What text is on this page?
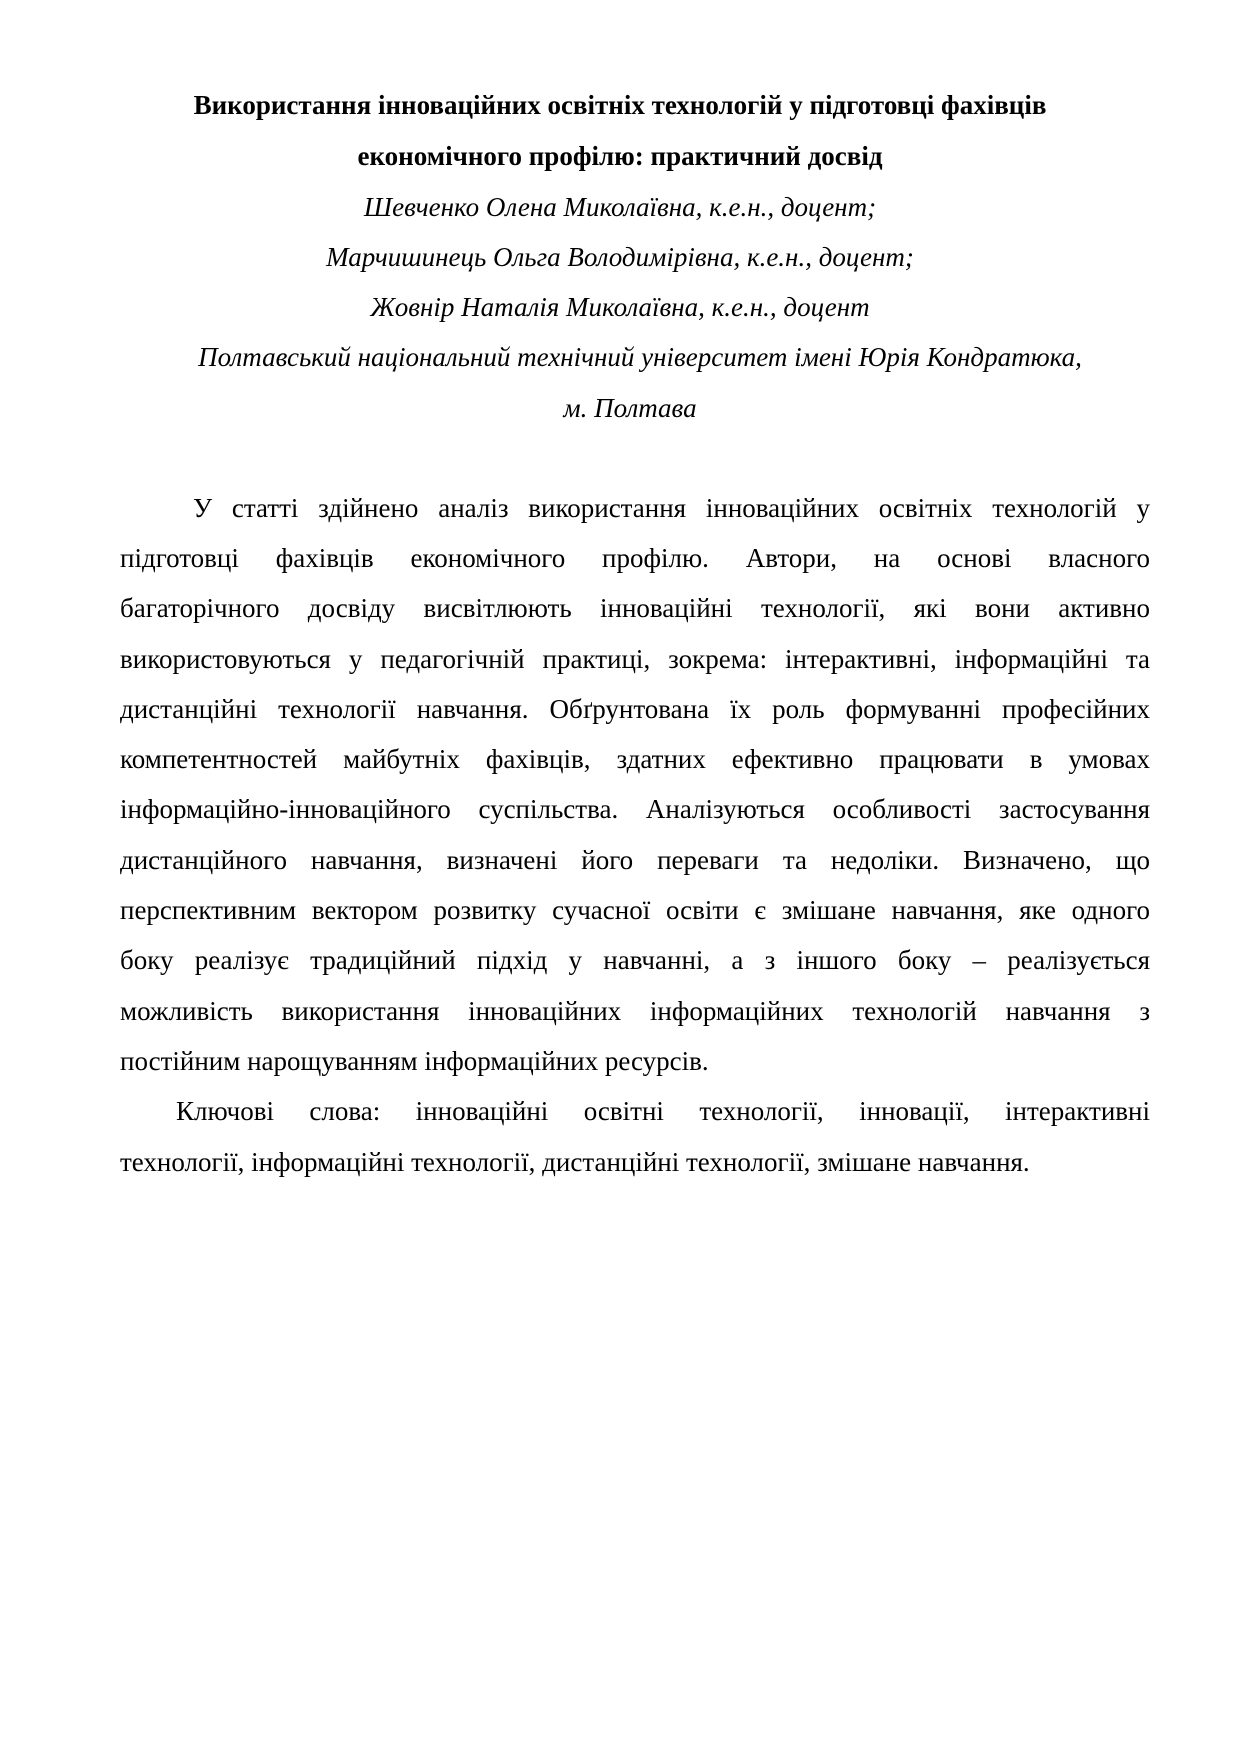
Використання інноваційних освітніх технологій у підготовці фахівців
економічного профілю: практичний досвід
Шевченко Олена Миколаївна, к.е.н., доцент;
Марчишинець Ольга Володимірівна, к.е.н., доцент;
Жовнір Наталія Миколаївна, к.е.н., доцент
Полтавський національний технічний університет імені Юрія Кондратюка,
м. Полтава
У статті здійнено аналіз використання інноваційних освітніх технологій у
підготовці фахівців економічного профілю. Автори, на основі власного
багаторічного досвіду висвітлюють інноваційні технології, які вони активно
використовуються у педагогічній практиці, зокрема: інтерактивні, інформаційні та
дистанційні технології навчання. Обґрунтована їх роль формуванні професійних
компетентностей майбутніх фахівців, здатних ефективно працювати в умовах
інформаційно-інноваційного суспільства. Аналізуються особливості застосування
дистанційного навчання, визначені його переваги та недоліки. Визначено, що
перспективним вектором розвитку сучасної освіти є змішане навчання, яке одного
боку реалізує традиційний підхід у навчанні, а з іншого боку – реалізується
можливість використання інноваційних інформаційних технологій навчання з
постійним нарощуванням інформаційних ресурсів.
Ключові слова: інноваційні освітні технології, інновації, інтерактивні
технології, інформаційні технології, дистанційні технології, змішане навчання.
